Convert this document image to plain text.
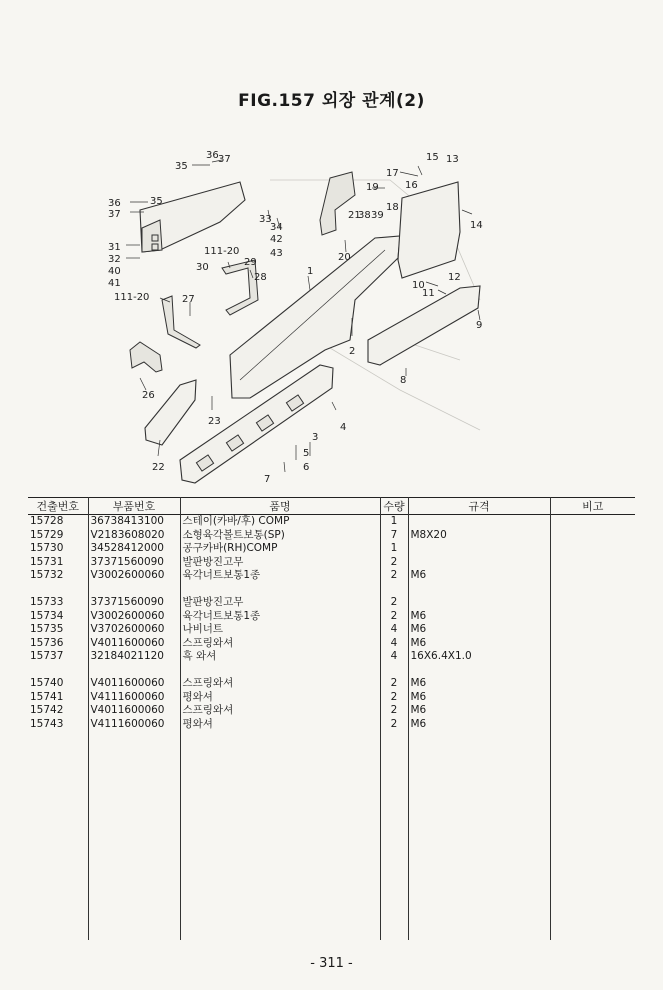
FIG.157 외장 관계(2)
1
2
3
4
5
6
7
8
9
10
11
12
13
14
15
16
17
18
19
20
21
22
23
26
27
28
29
30
31
32
33
34
35
35
36
36
37
37	38 39
40
41
42
43
111-20
111-20
건출번호	부품번호	품명	수량	규격	비고
15728	36738413100	스테이(카바/후) COMP	1		
15729	V2183608020	소형육각볼트보통(SP)	7	M8X20	
15730	34528412000	공구카바(RH)COMP	1		
15731	37371560090	발판방진고무	2		
15732	V3002600060	육각너트보통1종	2	M6	

15733	37371560090	발판방진고무	2		
15734	V3002600060	육각너트보통1종	2	M6	
15735	V3702600060	나비너트	4	M6	
15736	V4011600060	스프링와셔	4	M6	
15737	32184021120	흑 와셔	4	16X6.4X1.0	

15740	V4011600060	스프링와셔	2	M6	
15741	V4111600060	평와셔	2	M6	
15742	V4011600060	스프링와셔	2	M6	
15743	V4111600060	평와셔	2	M6	
- 311 -
